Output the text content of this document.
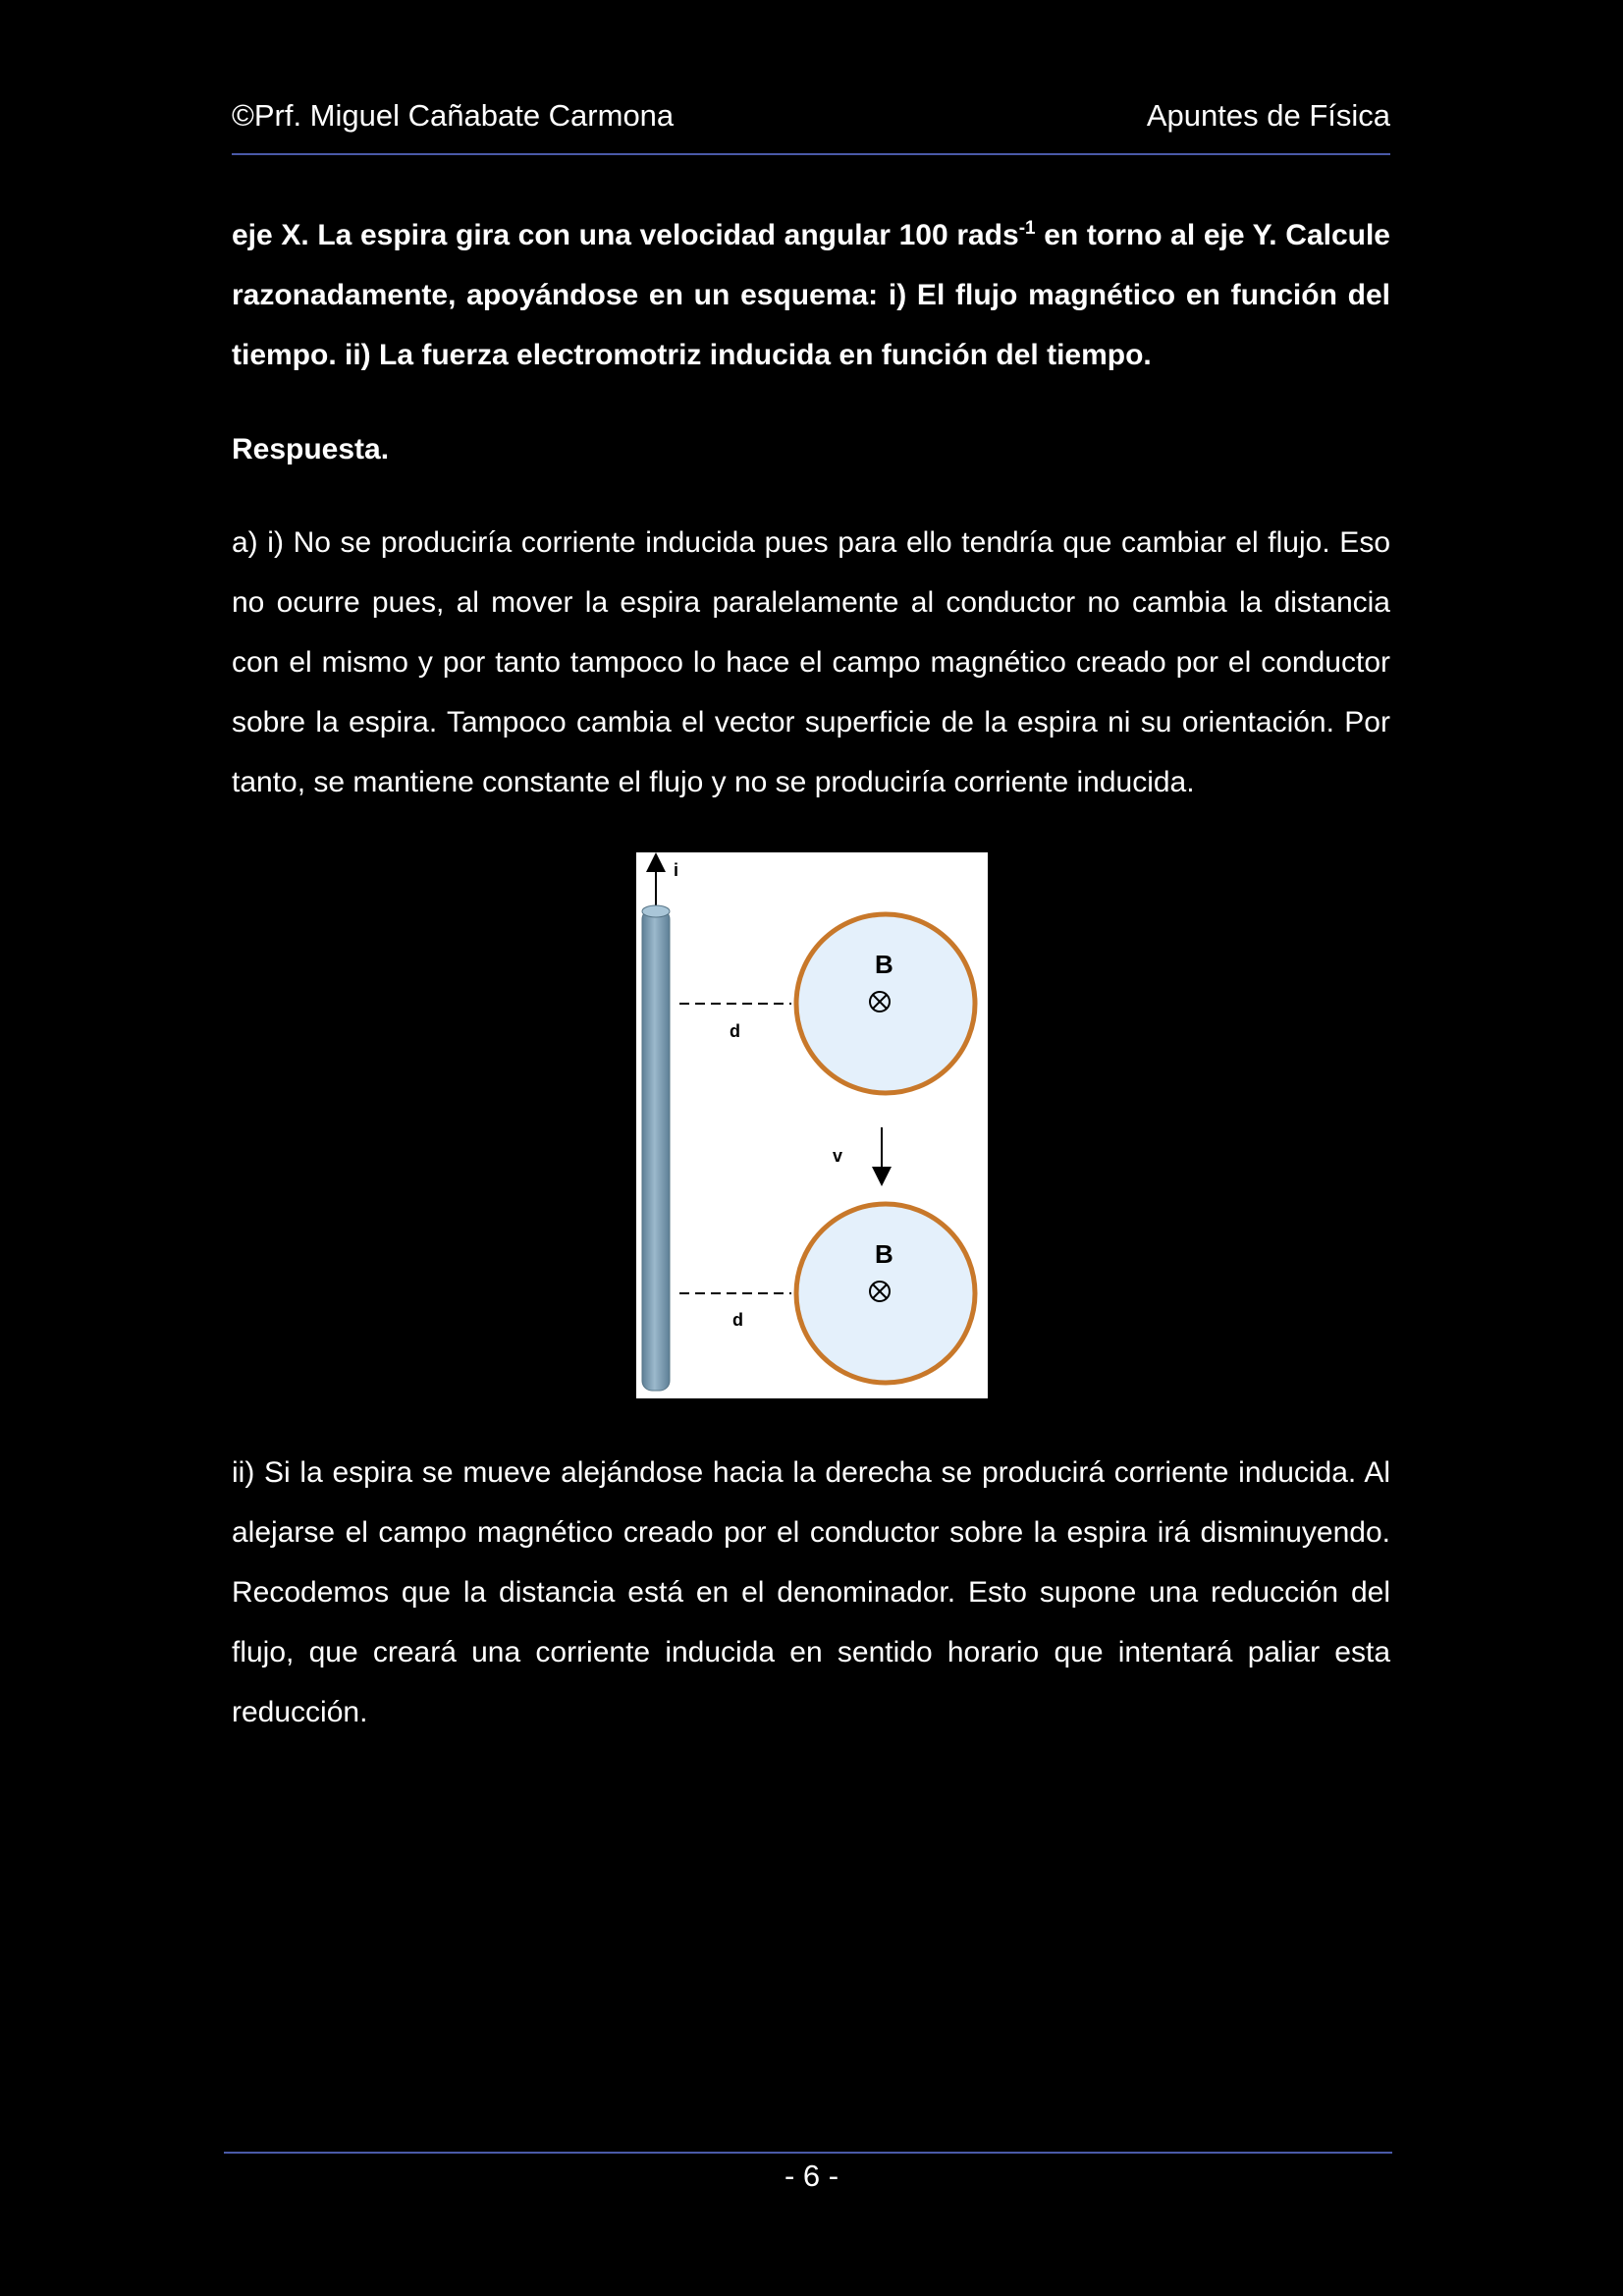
©Prf. Miguel Cañabate Carmona	Apuntes de Física

eje X. La espira gira con una velocidad angular 100 rads$^{-1}$ en torno al eje Y. Calcule razonadamente, apoyándose en un esquema: i) El flujo magnético en función del tiempo. ii) La fuerza electromotriz inducida en función del tiempo.

Respuesta.

a) i) No se produciría corriente inducida pues para ello tendría que cambiar el flujo. Eso no ocurre pues, al mover la espira paralelamente al conductor no cambia la distancia con el mismo y por tanto tampoco lo hace el campo magnético creado por el conductor sobre la espira. Tampoco cambia el vector superficie de la espira ni su orientación. Por tanto, se mantiene constante el flujo y no se produciría corriente inducida.

i
d
B
v
d
B

ii) Si la espira se mueve alejándose hacia la derecha se producirá corriente inducida. Al alejarse el campo magnético creado por el conductor sobre la espira irá disminuyendo. Recodemos que la distancia está en el denominador. Esto supone una reducción del flujo, que creará una corriente inducida en sentido horario que intentará paliar esta reducción.

- 6 -
